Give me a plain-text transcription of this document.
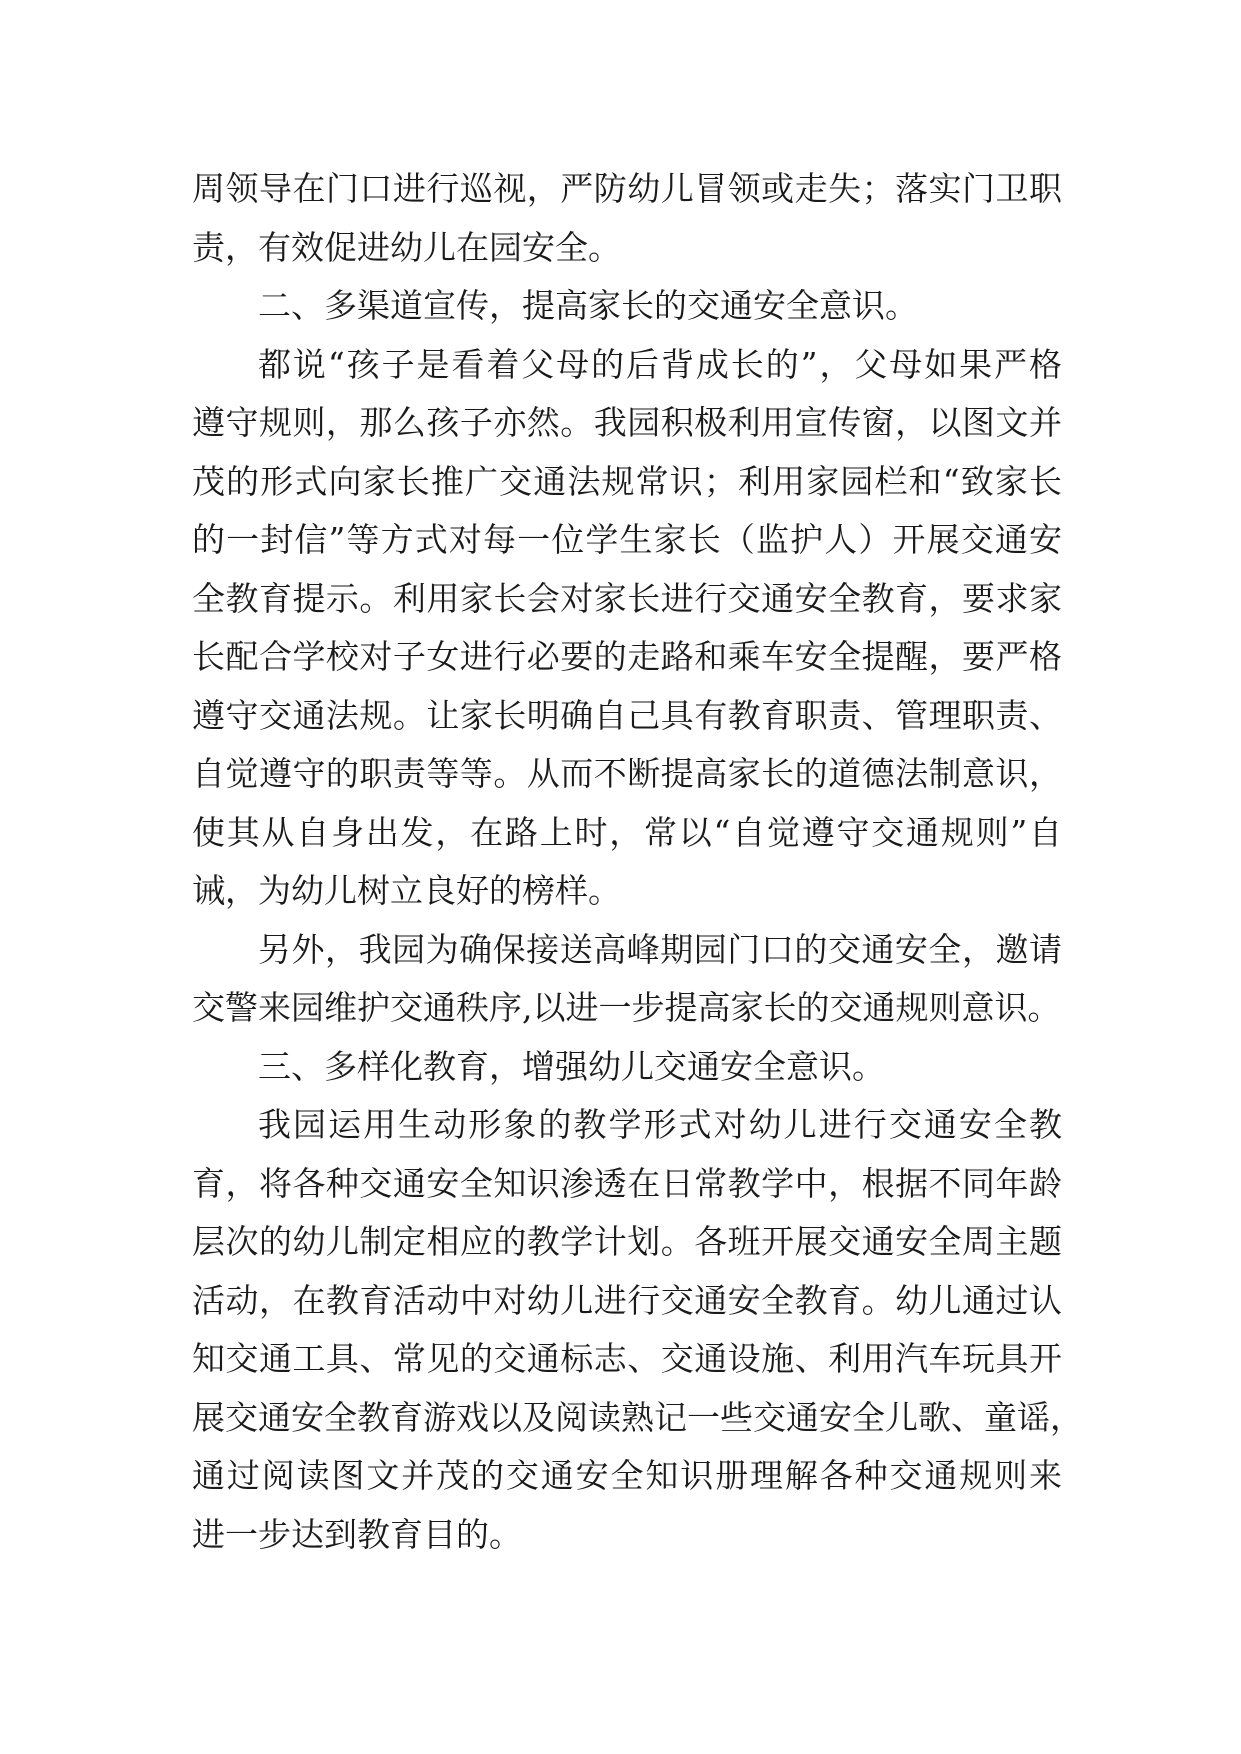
周领导在门口进行巡视，严防幼儿冒领或走失；落实门卫职
责，有效促进幼儿在园安全。
二、多渠道宣传，提高家长的交通安全意识。
都说“孩子是看着父母的后背成长的”，父母如果严格
遵守规则，那么孩子亦然。我园积极利用宣传窗，以图文并
茂的形式向家长推广交通法规常识；利用家园栏和“致家长
的一封信”等方式对每一位学生家长（监护人）开展交通安
全教育提示。利用家长会对家长进行交通安全教育，要求家
长配合学校对子女进行必要的走路和乘车安全提醒，要严格
遵守交通法规。让家长明确自己具有教育职责、管理职责、
自觉遵守的职责等等。从而不断提高家长的道德法制意识，
使其从自身出发，在路上时，常以“自觉遵守交通规则”自
诫，为幼儿树立良好的榜样。
另外，我园为确保接送高峰期园门口的交通安全，邀请
交警来园维护交通秩序,以进一步提高家长的交通规则意识。
三、多样化教育，增强幼儿交通安全意识。
我园运用生动形象的教学形式对幼儿进行交通安全教
育，将各种交通安全知识渗透在日常教学中，根据不同年龄
层次的幼儿制定相应的教学计划。各班开展交通安全周主题
活动，在教育活动中对幼儿进行交通安全教育。幼儿通过认
知交通工具、常见的交通标志、交通设施、利用汽车玩具开
展交通安全教育游戏以及阅读熟记一些交通安全儿歌、童谣，
通过阅读图文并茂的交通安全知识册理解各种交通规则来
进一步达到教育目的。
